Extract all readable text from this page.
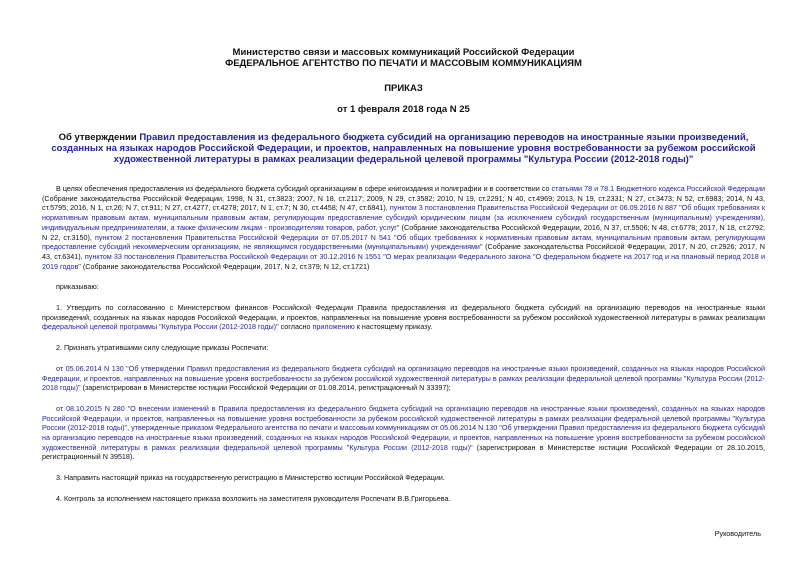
Министерство связи и массовых коммуникаций Российской Федерации
ФЕДЕРАЛЬНОЕ АГЕНТСТВО ПО ПЕЧАТИ И МАССОВЫМ КОММУНИКАЦИЯМ
ПРИКАЗ
от 1 февраля 2018 года N 25
Об утверждении Правил предоставления из федерального бюджета субсидий на организацию переводов на иностранные языки произведений, созданных на языках народов Российской Федерации, и проектов, направленных на повышение уровня востребованности за рубежом российской художественной литературы в рамках реализации федеральной целевой программы "Культура России (2012-2018 годы)"

В целях обеспечения предоставления из федерального бюджета субсидий организациям в сфере книгоиздания и полиграфии и в соответствии со статьями 78 и 78.1 Бюджетного кодекса Российской Федерации (Собрание законодательства Российской Федерации, 1998, N 31, ст.3823; 2007, N 18, ст.2117; 2009, N 29, ст.3582; 2010, N 19, ст.2291; N 40, ст.4969; 2013, N 19, ст.2331; N 27, ст.3473; N 52, ст.6983; 2014, N 43, ст.5795; 2016, N 1, ст.26; N 7, ст.911; N 27, ст.4277, ст.4278; 2017, N 1, ст.7; N 30, ст.4458; N 47, ст.6841), пунктом 3 постановления Правительства Российской Федерации от 06.09.2016 N 887 "Об общих требованиях к нормативным правовым актам, муниципальным правовым актам, регулирующим предоставление субсидий юридическим лицам (за исключением субсидий государственным (муниципальным) учреждениям), индивидуальным предпринимателям, а также физическим лицам - производителям товаров, работ, услуг" (Собрание законодательства Российской Федерации, 2016, N 37, ст.5506; N 48, ст.6778; 2017, N 18, ст.2792; N 22, ст.3150), пунктом 2 постановления Правительства Российской Федерации от 07.05.2017 N 541 "Об общих требованиях к нормативным правовым актам, муниципальным правовым актам, регулирующим предоставление субсидий некоммерческим организациям, не являющимся государственными (муниципальными) учреждениями" (Собрание законодательства Российской Федерации, 2017, N 20, ст.2926; 2017, N 43, ст.6341), пунктом 33 постановления Правительства Российской Федерации от 30.12.2016 N 1551 "О мерах реализации Федерального закона "О федеральном бюджете на 2017 год и на плановый период 2018 и 2019 годов" (Собрание законодательства Российской Федерации, 2017, N 2, ст.379; N 12, ст.1721)

приказываю:

1. Утвердить по согласованию с Министерством финансов Российской Федерации Правила предоставления из федерального бюджета субсидий на организацию переводов на иностранные языки произведений, созданных на языках народов Российской Федерации, и проектов, направленных на повышение уровня востребованности за рубежом российской художественной литературы в рамках реализации федеральной целевой программы "Культура России (2012-2018 годы)" согласно приложению к настоящему приказу.

2. Признать утратившими силу следующие приказы Роспечати:

от 05.06.2014 N 130 "Об утверждении Правил предоставления из федерального бюджета субсидий на организацию переводов на иностранные языки произведений, созданных на языках народов Российской Федерации, и проектов, направленных на повышение уровня востребованности за рубежом российской художественной литературы в рамках реализации федеральной целевой программы "Культура России (2012-2018 годы)" (зарегистрирован в Министерстве юстиции Российской Федерации от 01.08.2014, регистрационный N 33397);

от 08.10.2015 N 280 "О внесении изменений в Правила предоставления из федерального бюджета субсидий на организацию переводов на иностранные языки произведений, созданных на языках народов Российской Федерации, и проектов, направленных на повышение уровня востребованности за рубежом российской художественной литературы в рамках реализации федеральной целевой программы "Культура России (2012-2018 годы)", утвержденные приказом Федерального агентства по печати и массовым коммуникациям от 05.06.2014 N 130 "Об утверждении Правил предоставления из федерального бюджета субсидий на организацию переводов на иностранные языки произведений, созданных на языках народов Российской Федерации, и проектов, направленных на повышение уровня востребованности за рубежом российской художественной литературы в рамках реализации федеральной целевой программы "Культура России (2012-2018 годы)" (зарегистрирован в Министерстве юстиции Российской Федерации от 28.10.2015, регистрационный N 39518).

3. Направить настоящий приказ на государственную регистрацию в Министерство юстиции Российской Федерации.

4. Контроль за исполнением настоящего приказа возложить на заместителя руководителя Роспечати В.В.Григорьева.

Руководитель
